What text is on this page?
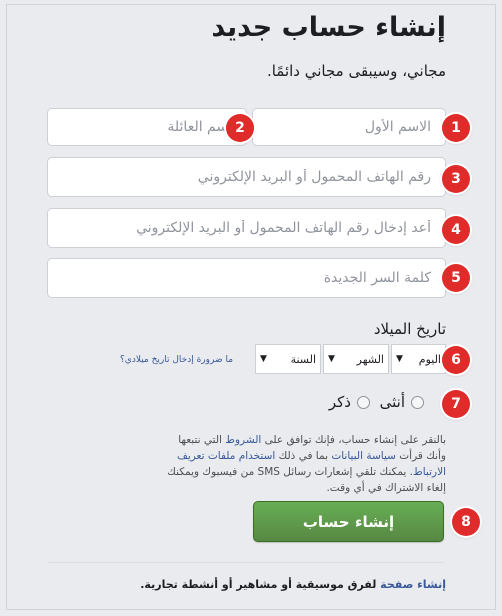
إنشاء حساب جديد
مجاني، وسيبقى مجاني دائمًا.
الاسم الأول
اسم العائلة
رقم الهاتف المحمول أو البريد الإلكتروني
أعد إدخال رقم الهاتف المحمول أو البريد الإلكتروني
تاريخ الميلاد
اليوم
▼
الشهر
▼
السنة
▼
ما ضرورة إدخال تاريخ ميلادي؟
أنثى
ذكر
بالنقر على إنشاء حساب، فإنك توافق على الشروط التي نتبعها وأنك قرأت سياسة البيانات بما في ذلك استخدام ملفات تعريف الارتباط. يمكنك تلقي إشعارات رسائل SMS من فيسبوك ويمكنك إلغاء الاشتراك في أي وقت.
إنشاء حساب
إنشاء صفحة لفرق موسيقية أو مشاهير أو أنشطة تجارية.
1
2
3
4
5
6
7
8
